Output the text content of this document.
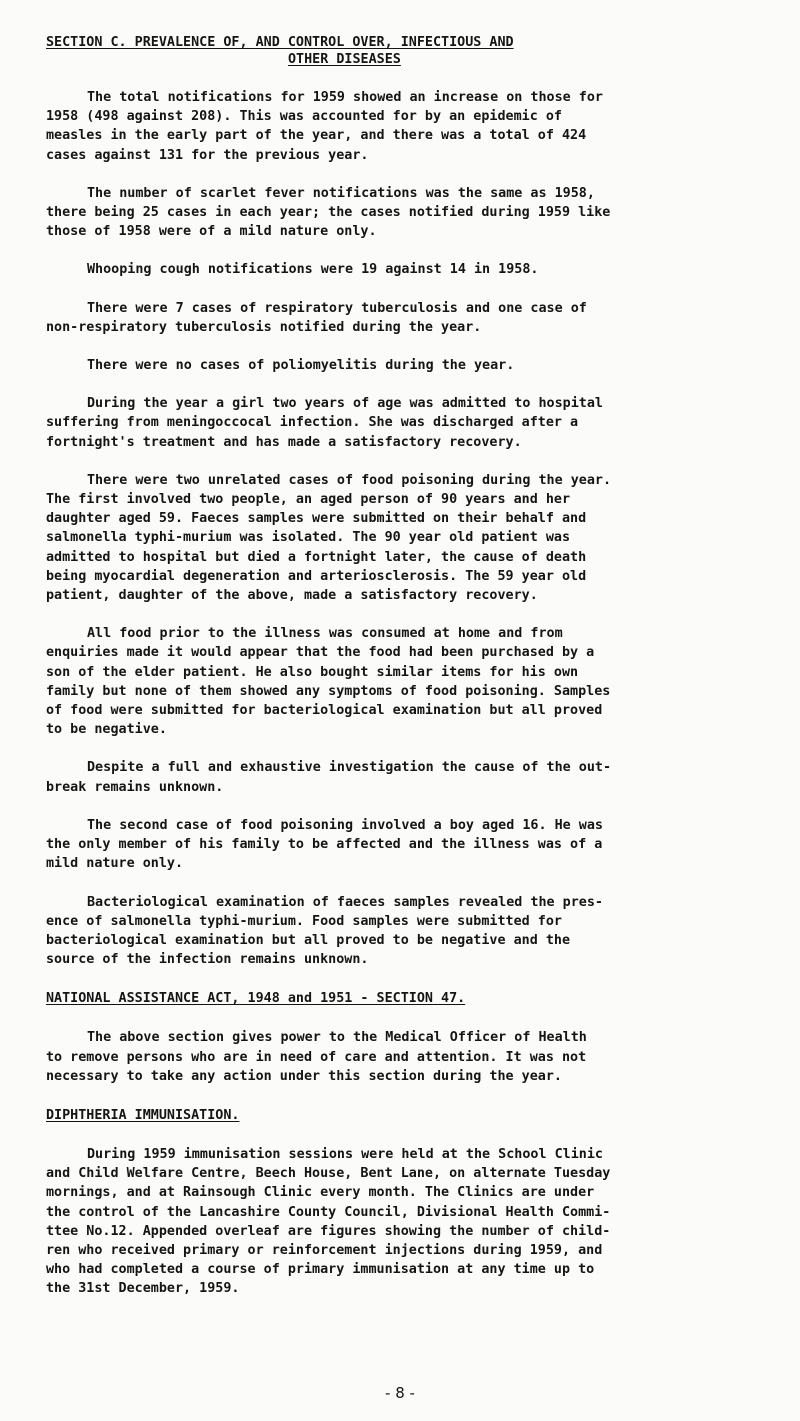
SECTION C. PREVALENCE OF, AND CONTROL OVER, INFECTIOUS AND

OTHER DISEASES

The total notifications for 1959 showed an increase on those for

1958 (498 against 208). This was accounted for by an epidemic of

measles in the early part of the year, and there was a total of 424

cases against 131 for the previous year.

The number of scarlet fever notifications was the same as 1958,

there being 25 cases in each year; the cases notified during 1959 like

those of 1958 were of a mild nature only.

Whooping cough notifications were 19 against 14 in 1958.

There were 7 cases of respiratory tuberculosis and one case of

non-respiratory tuberculosis notified during the year.

There were no cases of poliomyelitis during the year.

During the year a girl two years of age was admitted to hospital

suffering from meningoccocal infection. She was discharged after a

fortnight's treatment and has made a satisfactory recovery.

There were two unrelated cases of food poisoning during the year.

The first involved two people, an aged person of 90 years and her

daughter aged 59. Faeces samples were submitted on their behalf and

salmonella typhi-murium was isolated. The 90 year old patient was

admitted to hospital but died a fortnight later, the cause of death

being myocardial degeneration and arteriosclerosis. The 59 year old

patient, daughter of the above, made a satisfactory recovery.

All food prior to the illness was consumed at home and from

enquiries made it would appear that the food had been purchased by a

son of the elder patient. He also bought similar items for his own

family but none of them showed any symptoms of food poisoning. Samples

of food were submitted for bacteriological examination but all proved

to be negative.

Despite a full and exhaustive investigation the cause of the out-

break remains unknown.

The second case of food poisoning involved a boy aged 16. He was

the only member of his family to be affected and the illness was of a

mild nature only.

Bacteriological examination of faeces samples revealed the pres-

ence of salmonella typhi-murium. Food samples were submitted for

bacteriological examination but all proved to be negative and the

source of the infection remains unknown.

NATIONAL ASSISTANCE ACT, 1948 and 1951 - SECTION 47.

The above section gives power to the Medical Officer of Health

to remove persons who are in need of care and attention. It was not

necessary to take any action under this section during the year.

DIPHTHERIA IMMUNISATION.

During 1959 immunisation sessions were held at the School Clinic

and Child Welfare Centre, Beech House, Bent Lane, on alternate Tuesday

mornings, and at Rainsough Clinic every month. The Clinics are under

the control of the Lancashire County Council, Divisional Health Commi-

ttee No.12. Appended overleaf are figures showing the number of child-

ren who received primary or reinforcement injections during 1959, and

who had completed a course of primary immunisation at any time up to

the 31st December, 1959.

- 8 -
